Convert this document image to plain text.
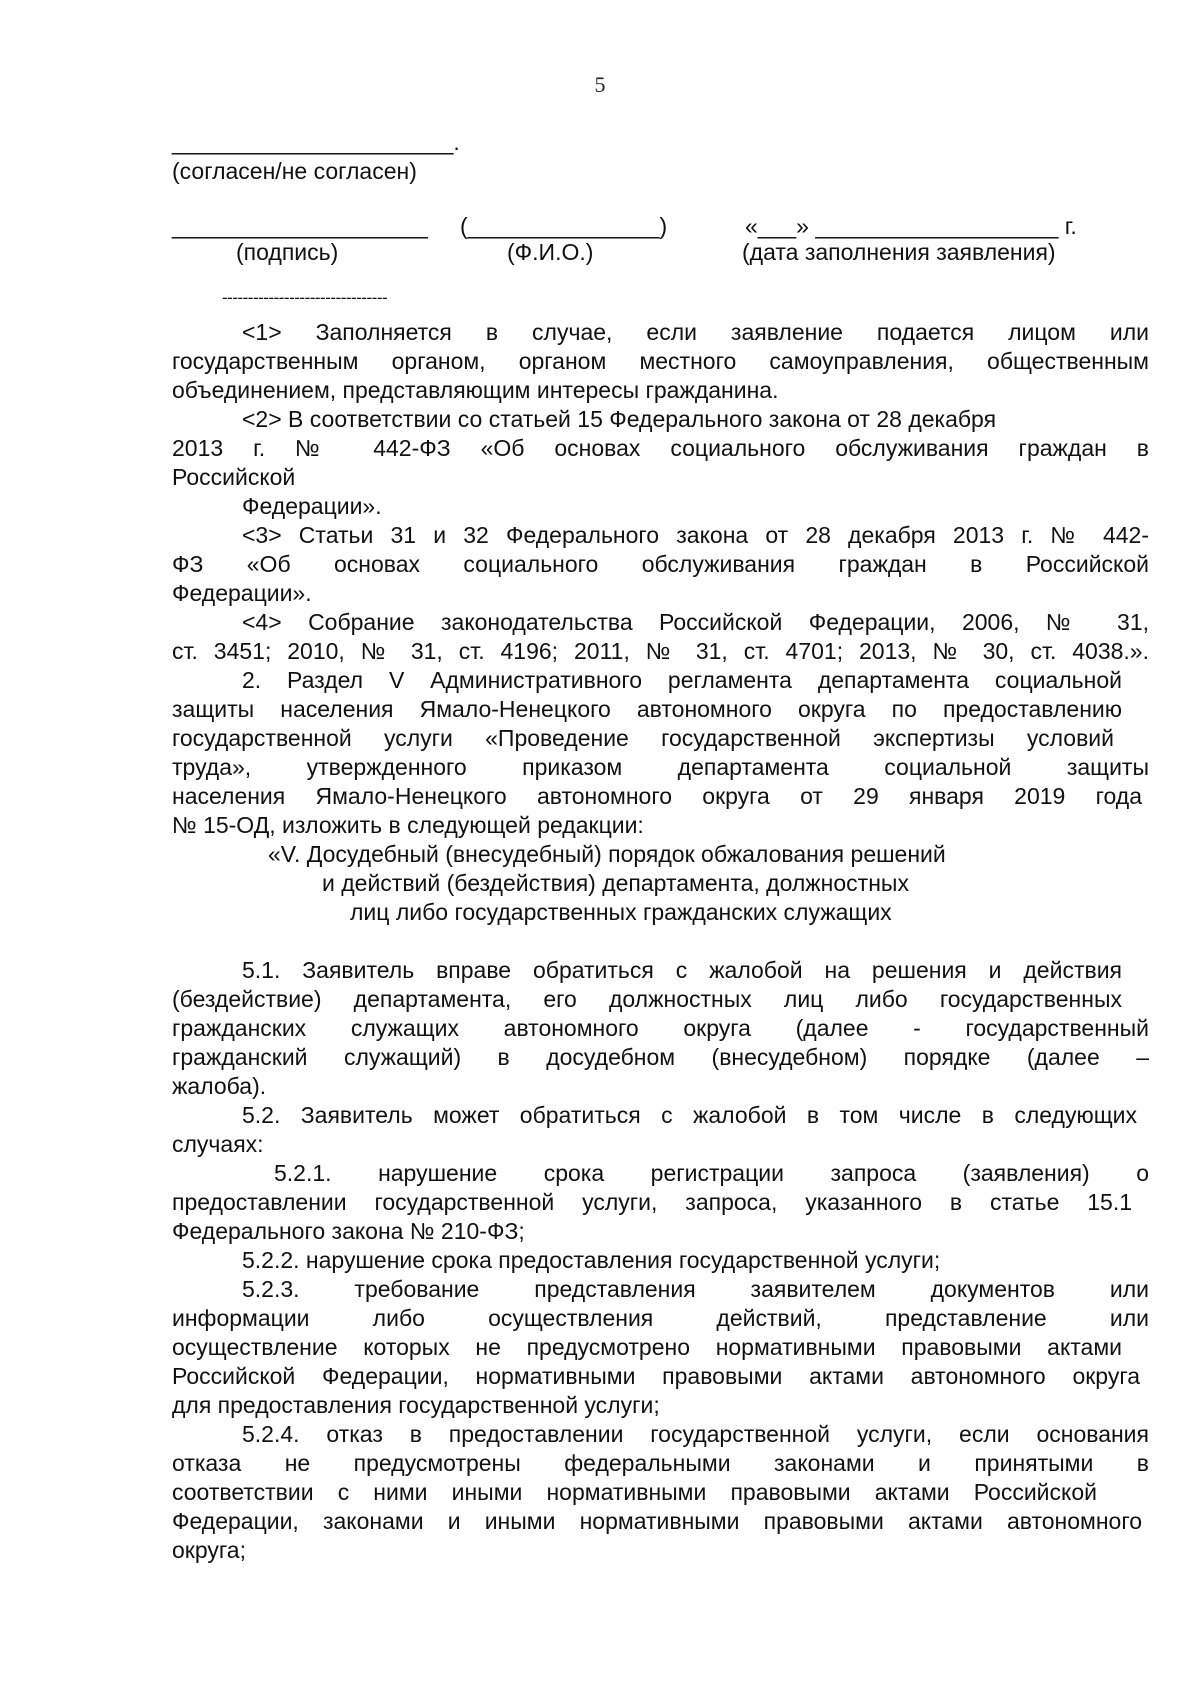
5
______________________.
(согласен/не согласен)
____________________ (_______________)	«___» ___________________ г.
(подпись)	(Ф.И.О.)	(дата заполнения заявления)
--------------------------------
<1> Заполняется в случае, если заявление подается лицом или
государственным органом, органом местного самоуправления, общественным
объединением, представляющим интересы гражданина.
<2> В соответствии со статьей 15 Федерального закона от 28 декабря
2013 г. № 442-ФЗ «Об основах социального обслуживания граждан в
Российской
Федерации».
<3> Статьи 31 и 32 Федерального закона от 28 декабря 2013 г. № 442-
ФЗ «Об основах социального обслуживания граждан в Российской
Федерации».
<4> Собрание законодательства Российской Федерации, 2006, № 31,
ст. 3451; 2010, № 31, ст. 4196; 2011, № 31, ст. 4701; 2013, № 30, ст. 4038.».
2. Раздел V Административного регламента департамента социальной
защиты населения Ямало-Ненецкого автономного округа по предоставлению
государственной услуги «Проведение государственной экспертизы условий
труда», утвержденного приказом департамента социальной защиты
населения Ямало-Ненецкого автономного округа от 29 января 2019 года
№ 15-ОД, изложить в следующей редакции:
«V. Досудебный (внесудебный) порядок обжалования решений
и действий (бездействия) департамента, должностных
лиц либо государственных гражданских служащих
5.1. Заявитель вправе обратиться с жалобой на решения и действия
(бездействие) департамента, его должностных лиц либо государственных
гражданских служащих автономного округа (далее - государственный
гражданский служащий) в досудебном (внесудебном) порядке (далее –
жалоба).
5.2. Заявитель может обратиться с жалобой в том числе в следующих
случаях:
5.2.1. нарушение срока регистрации запроса (заявления) о
предоставлении государственной услуги, запроса, указанного в статье 15.1
Федерального закона № 210-ФЗ;
5.2.2. нарушение срока предоставления государственной услуги;
5.2.3. требование представления заявителем документов или
информации либо осуществления действий, представление или
осуществление которых не предусмотрено нормативными правовыми актами
Российской Федерации, нормативными правовыми актами автономного округа
для предоставления государственной услуги;
5.2.4. отказ в предоставлении государственной услуги, если основания
отказа не предусмотрены федеральными законами и принятыми в
соответствии с ними иными нормативными правовыми актами Российской
Федерации, законами и иными нормативными правовыми актами автономного
округа;
